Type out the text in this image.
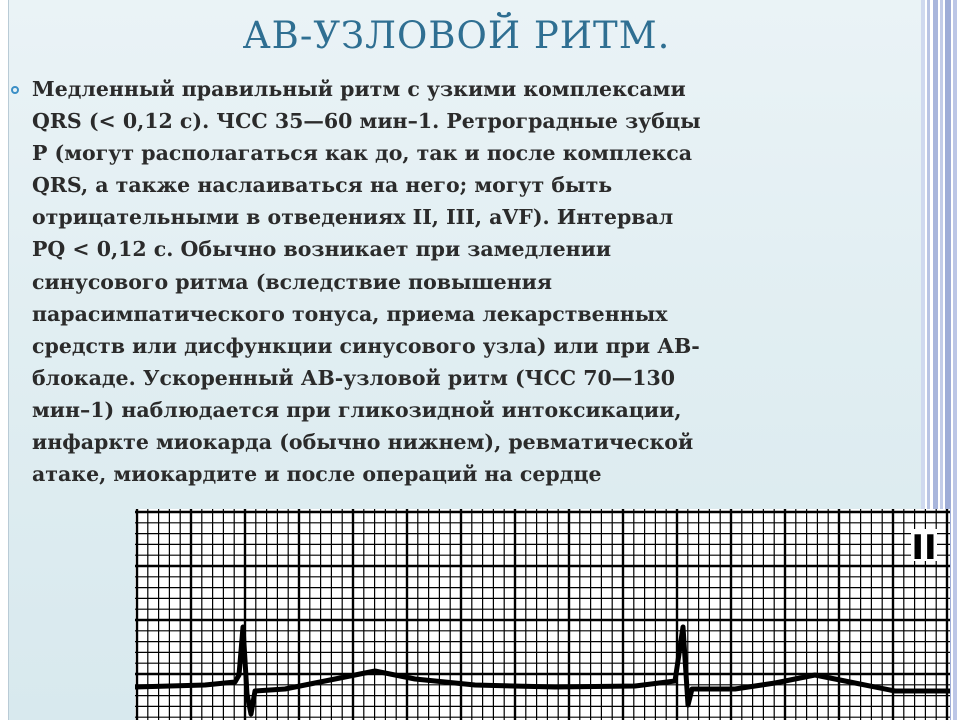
АВ-УЗЛОВОЙ РИТМ.

Медленный правильный ритм с узкими комплексами
QRS (< 0,12 с). ЧСС 35—60 мин–1. Ретроградные зубцы
Р (могут располагаться как до, так и после комплекса
QRS, а также наслаиваться на него; могут быть
отрицательными в отведениях II, III, aVF). Интервал
PQ < 0,12 с. Обычно возникает при замедлении
синусового ритма (вследствие повышения
парасимпатического тонуса, приема лекарственных
средств или дисфункции синусового узла) или при АВ-
блокаде. Ускоренный АВ-узловой ритм (ЧСС 70—130
мин–1) наблюдается при гликозидной интоксикации,
инфаркте миокарда (обычно нижнем), ревматической
атаке, миокардите и после операций на сердце

II
